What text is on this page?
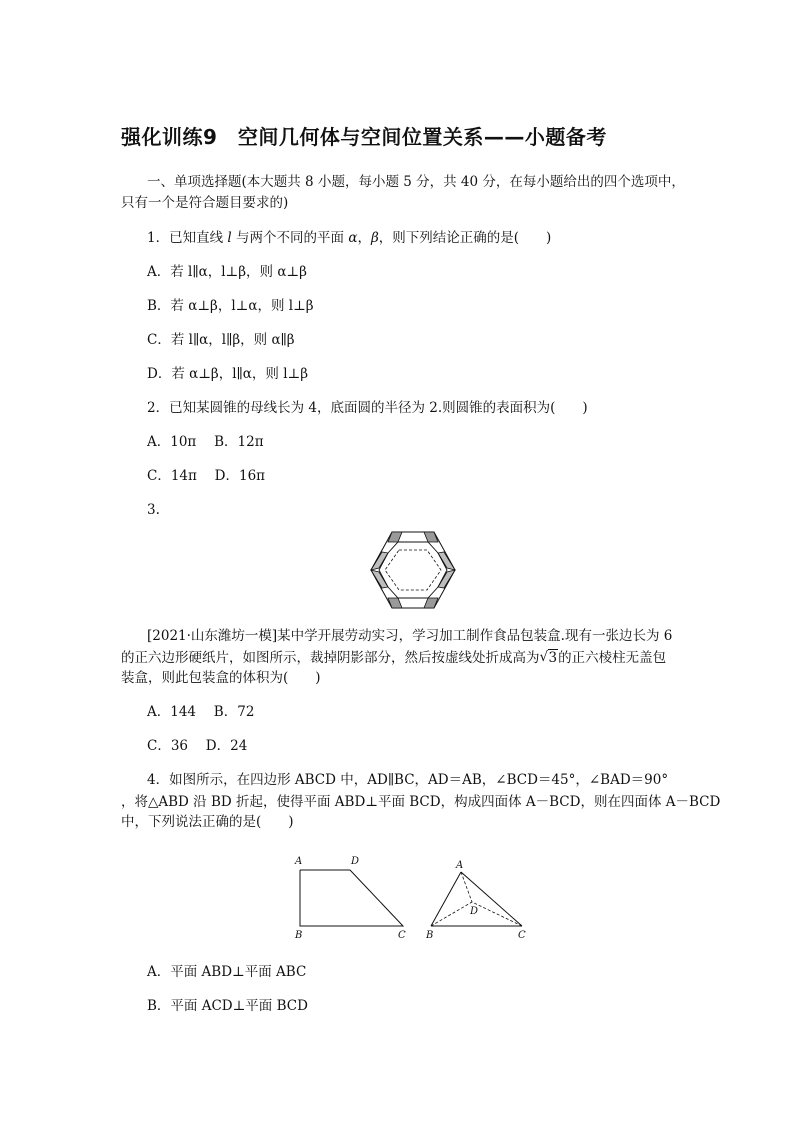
强化训练9　空间几何体与空间位置关系——小题备考
一、单项选择题(本大题共 8 小题，每小题 5 分，共 40 分，在每小题给出的四个选项中，
只有一个是符合题目要求的)
1．已知直线 l 与两个不同的平面 α，β，则下列结论正确的是(　　)
A．若 l∥α，l⊥β，则 α⊥β
B．若 α⊥β，l⊥α，则 l⊥β
C．若 l∥α，l∥β，则 α∥β
D．若 α⊥β，l∥α，则 l⊥β
2．已知某圆锥的母线长为 4，底面圆的半径为 2.则圆锥的表面积为(　　)
A．10π　 B．12π
C．14π　 D．16π
3.
[2021·山东潍坊一模]某中学开展劳动实习，学习加工制作食品包装盒.现有一张边长为 6
的正六边形硬纸片，如图所示，裁掉阴影部分，然后按虚线处折成高为 √ 3的正六棱柱无盖包
装盒，则此包装盒的体积为(　　)
A．144　 B．72
C．36　 D．24
4．如图所示，在四边形 ABCD 中，AD∥BC，AD＝AB，∠BCD＝45°，∠BAD＝90°
，将△ABD 沿 BD 折起，使得平面 ABD⊥平面 BCD，构成四面体 A－BCD，则在四面体 A－BCD
中，下列说法正确的是(　　)
A	D
B	C
A
D
B	C
A．平面 ABD⊥平面 ABC
B．平面 ACD⊥平面 BCD
